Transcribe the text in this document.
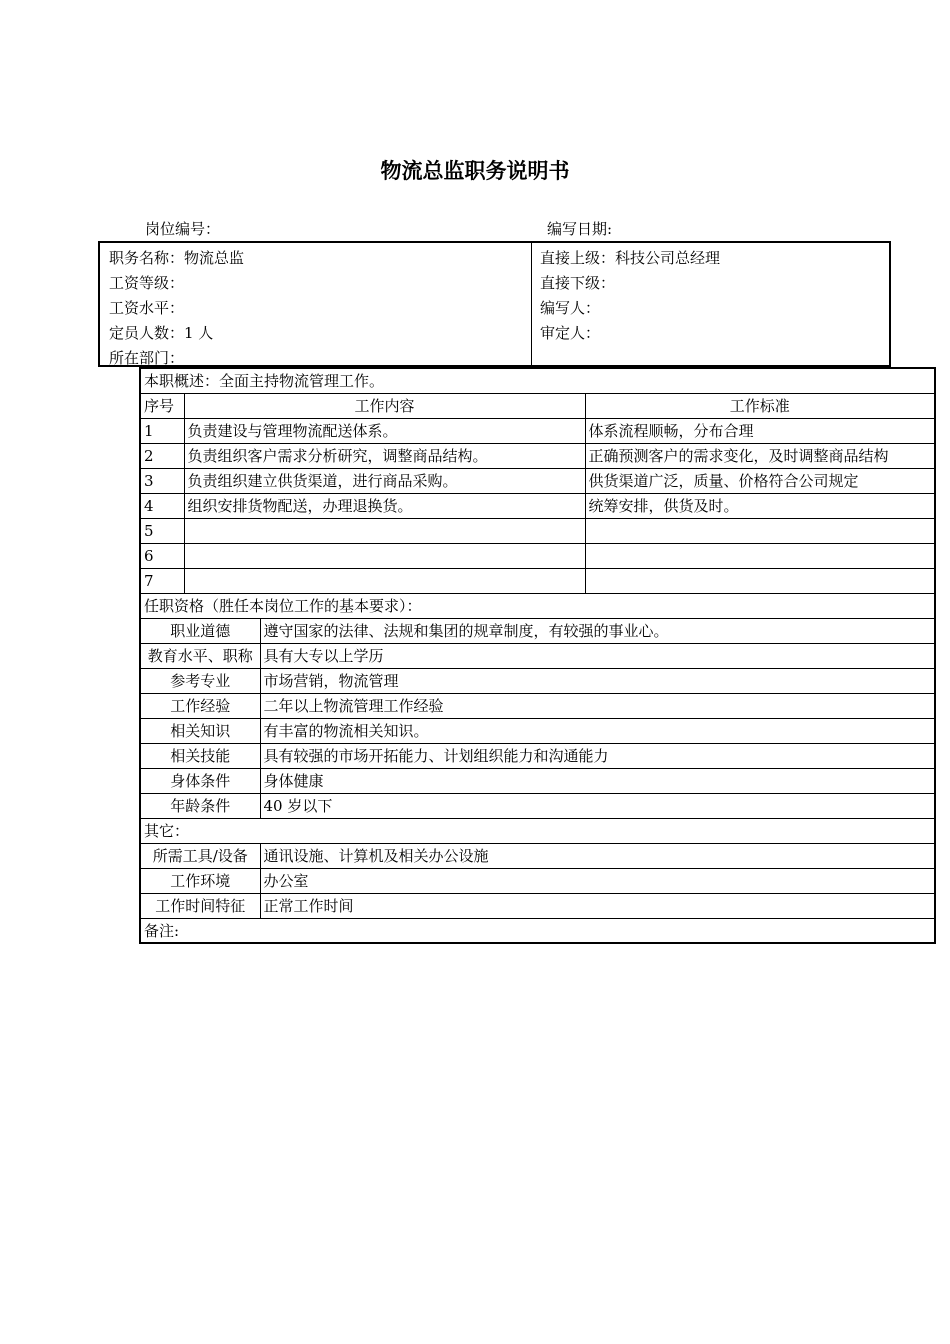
物流总监职务说明书
岗位编号：	编写日期:
职务名称：物流总监
工资等级：
工资水平：
定员人数：1 人
所在部门：
直接上级：科技公司总经理
直接下级：
编写人：
审定人：
本职概述：全面主持物流管理工作。			
序号	工作内容		工作标准
1	负责建设与管理物流配送体系。		体系流程顺畅，分布合理
2	负责组织客户需求分析研究，调整商品结构。		正确预测客户的需求变化，及时调整商品结构
3	负责组织建立供货渠道，进行商品采购。		供货渠道广泛，质量、价格符合公司规定
4	组织安排货物配送，办理退换货。		统筹安排，供货及时。
5			
6			
7			
任职资格（胜任本岗位工作的基本要求）：			
职业道德		遵守国家的法律、法规和集团的规章制度，有较强的事业心。	
教育水平、职称		具有大专以上学历	
参考专业		市场营销，物流管理	
工作经验		二年以上物流管理工作经验	
相关知识		有丰富的物流相关知识。	
相关技能		具有较强的市场开拓能力、计划组织能力和沟通能力	
身体条件		身体健康	
年龄条件		40 岁以下	
其它：			
所需工具/设备		通讯设施、计算机及相关办公设施	
工作环境		办公室	
工作时间特征		正常工作时间	
备注:			
